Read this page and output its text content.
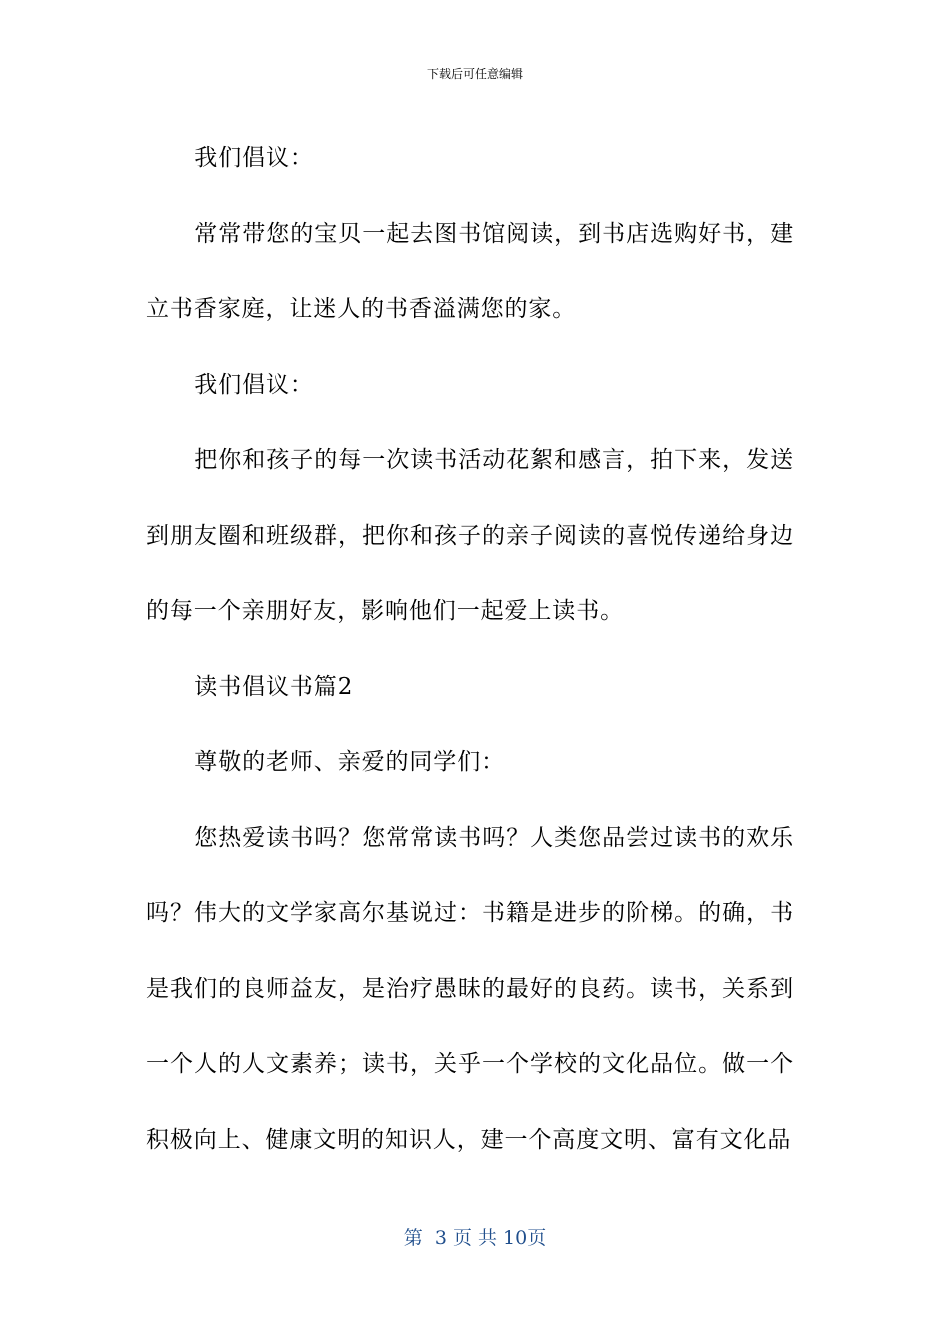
下载后可任意编辑

我们倡议：

常常带您的宝贝一起去图书馆阅读，到书店选购好书，建立书香家庭，让迷人的书香溢满您的家。

我们倡议：

把你和孩子的每一次读书活动花絮和感言，拍下来，发送到朋友圈和班级群，把你和孩子的亲子阅读的喜悦传递给身边的每一个亲朋好友，影响他们一起爱上读书。

读书倡议书篇2

尊敬的老师、亲爱的同学们：

您热爱读书吗？您常常读书吗？人类您品尝过读书的欢乐吗？伟大的文学家高尔基说过：书籍是进步的阶梯。的确，书是我们的良师益友，是治疗愚昧的最好的良药。读书，关系到一个人的人文素养；读书，关乎一个学校的文化品位。做一个积极向上、健康文明的知识人，建一个高度文明、富有文化品

第  3 页 共 10页
